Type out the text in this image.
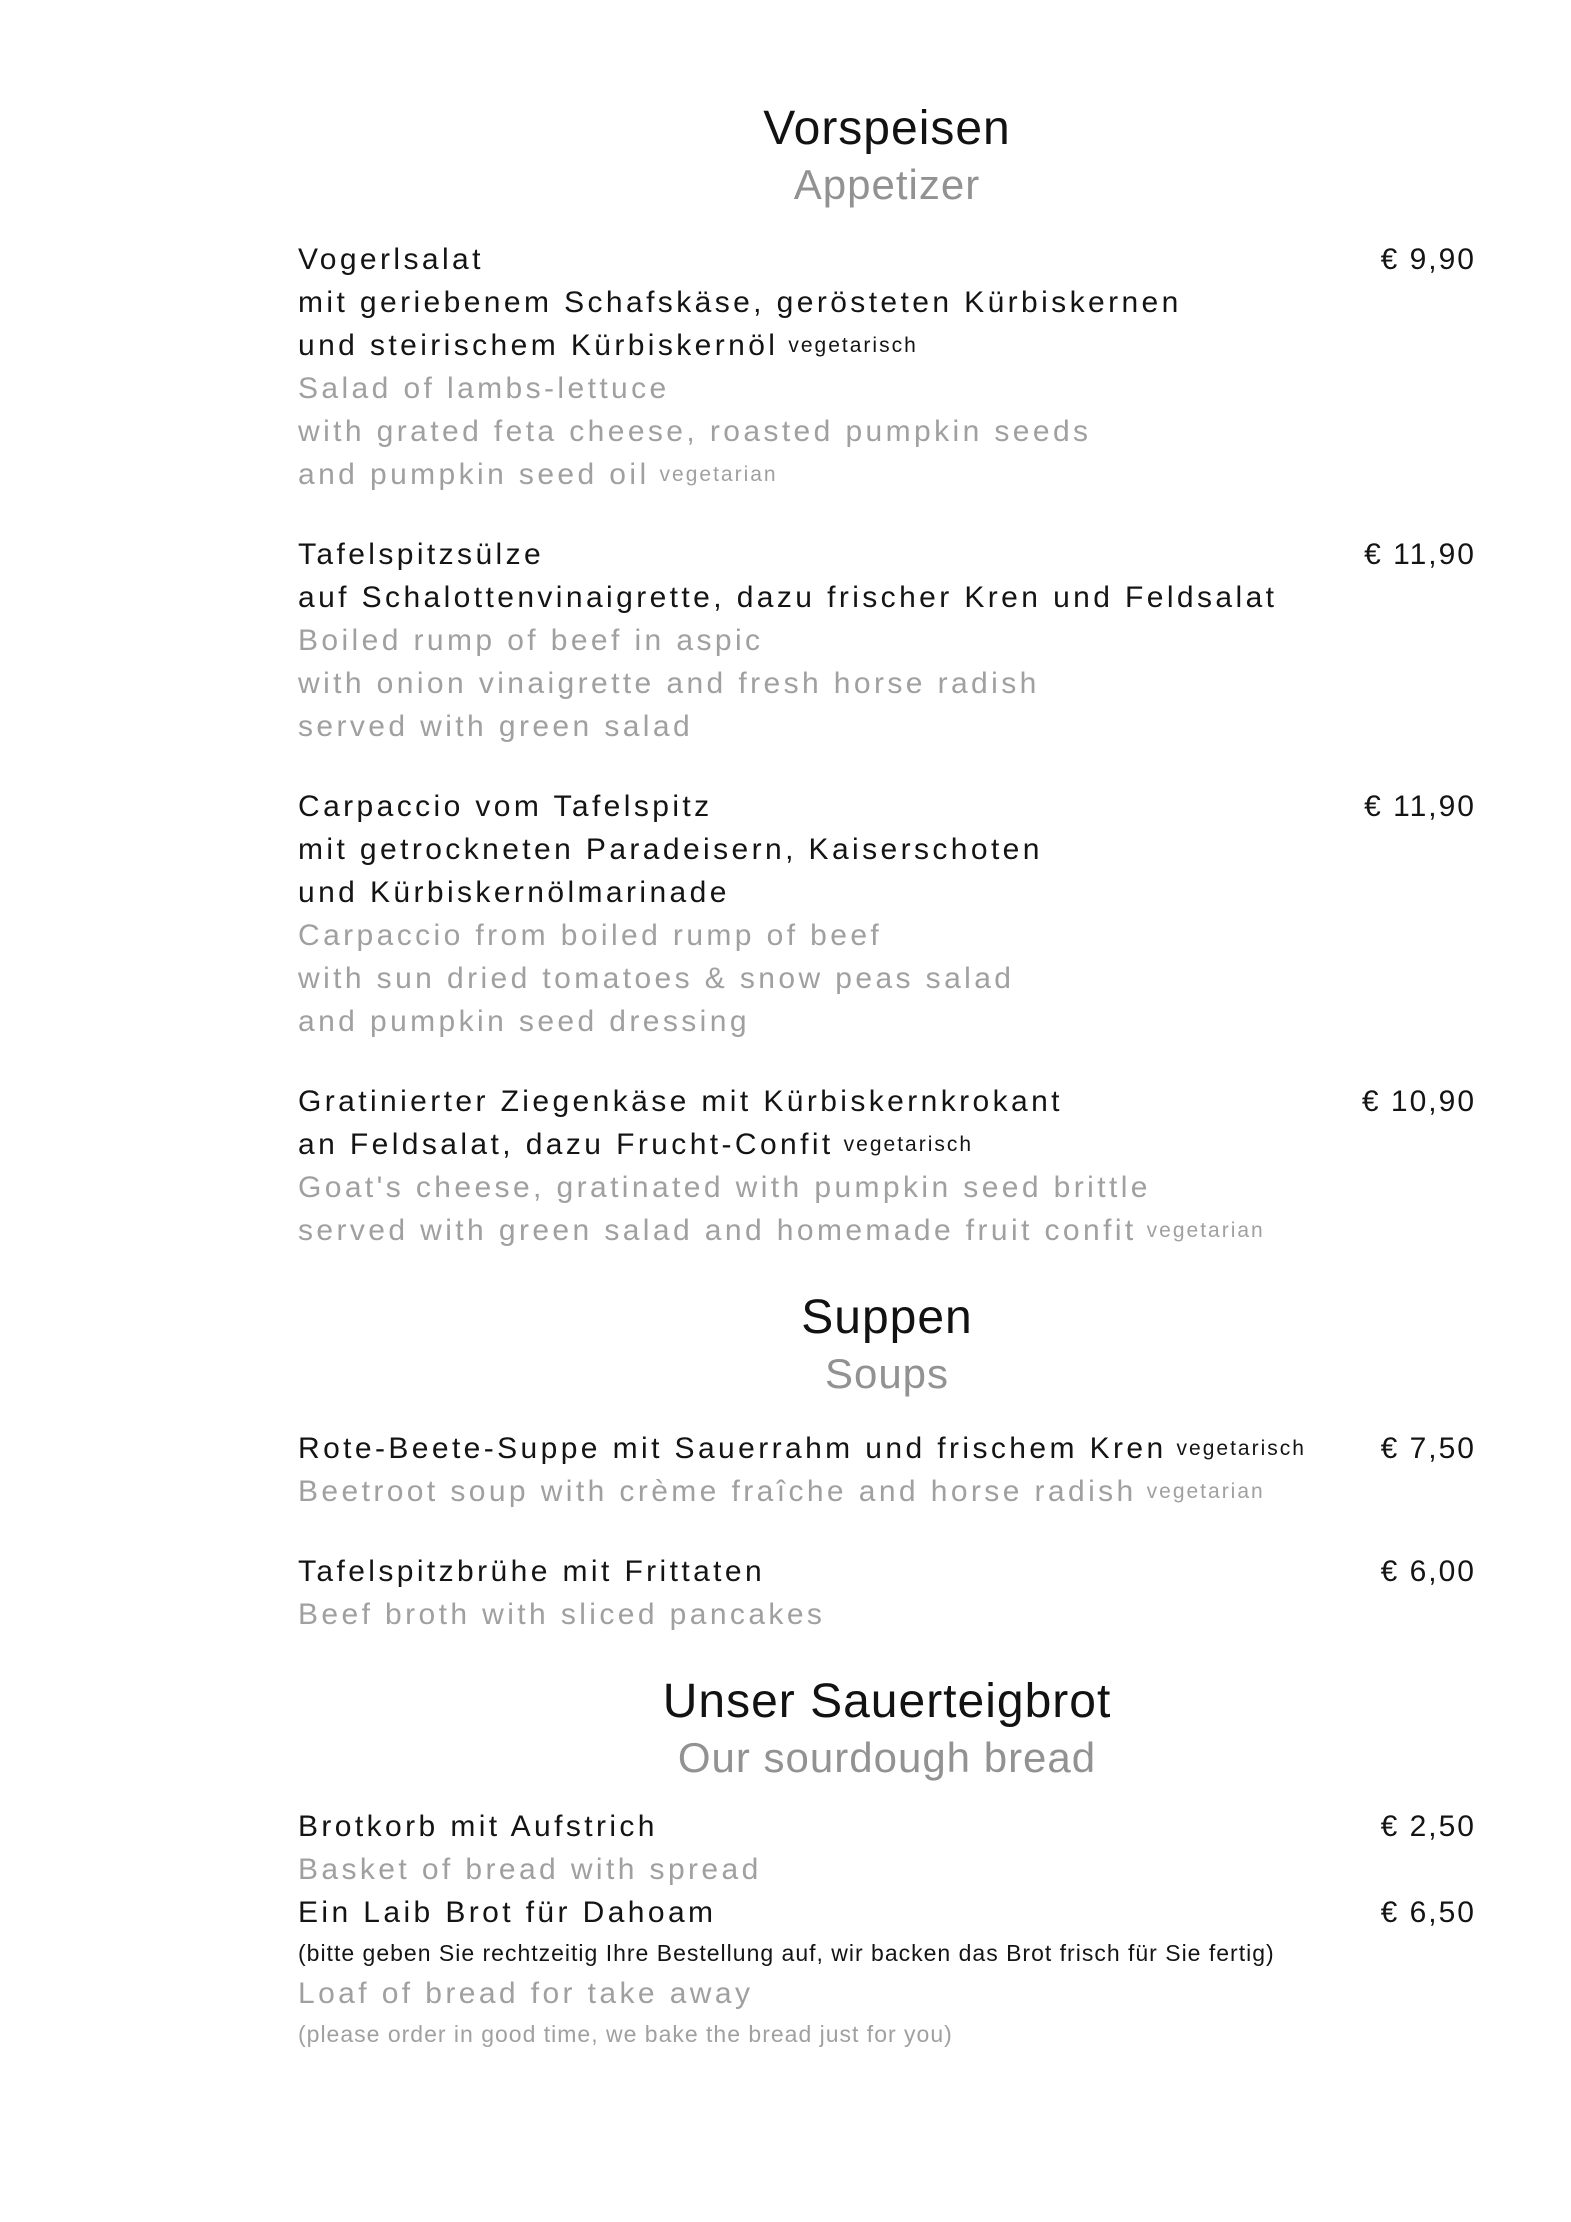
Vorspeisen
Appetizer
€ 9,90
Vogerlsalat
mit geriebenem Schafskäse, gerösteten Kürbiskernen
und steirischem Kürbiskernöl vegetarisch
Salad of lambs-lettuce
with grated feta cheese, roasted pumpkin seeds
and pumpkin seed oil vegetarian
€ 11,90
Tafelspitzsülze
auf Schalottenvinaigrette, dazu frischer Kren und Feldsalat
Boiled rump of beef in aspic
with onion vinaigrette and fresh horse radish
served with green salad
€ 11,90
Carpaccio vom Tafelspitz
mit getrockneten Paradeisern, Kaiserschoten
und Kürbiskernölmarinade
Carpaccio from boiled rump of beef
with sun dried tomatoes & snow peas salad
and pumpkin seed dressing
€ 10,90
Gratinierter Ziegenkäse mit Kürbiskernkrokant
an Feldsalat, dazu Frucht-Confit vegetarisch
Goat's cheese, gratinated with pumpkin seed brittle
served with green salad and homemade fruit confit vegetarian
Suppen
Soups
€ 7,50
Rote-Beete-Suppe mit Sauerrahm und frischem Kren vegetarisch
Beetroot soup with crème fraîche and horse radish vegetarian
€ 6,00
Tafelspitzbrühe mit Frittaten
Beef broth with sliced pancakes
Unser Sauerteigbrot
Our sourdough bread
€ 2,50
Brotkorb mit Aufstrich
Basket of bread with spread
€ 6,50
Ein Laib Brot für Dahoam
(bitte geben Sie rechtzeitig Ihre Bestellung auf, wir backen das Brot frisch für Sie fertig)
Loaf of bread for take away
(please order in good time, we bake the bread just for you)
